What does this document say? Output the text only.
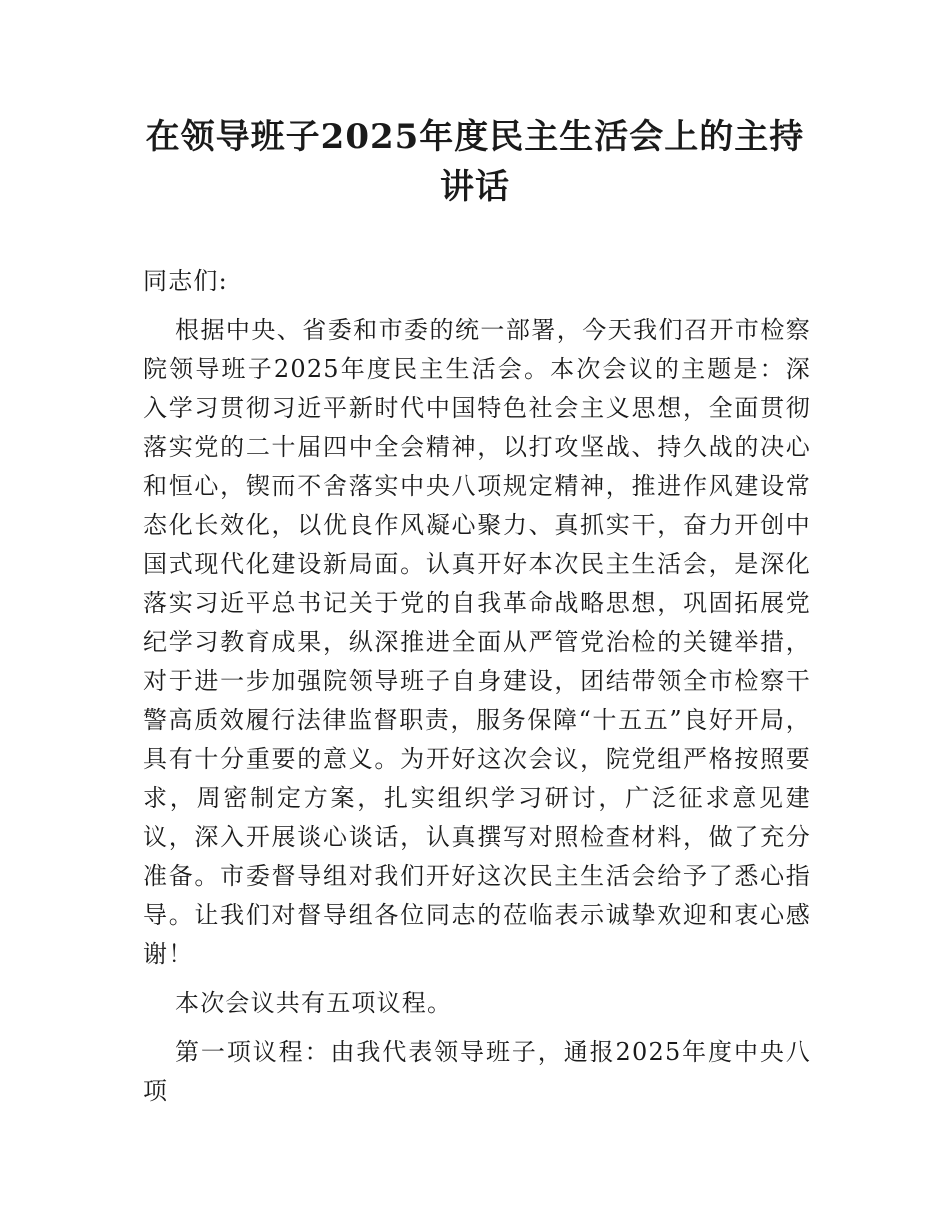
在领导班子2025年度民主生活会上的主持讲话

同志们:

根据中央、省委和市委的统一部署，今天我们召开市检察院领导班子2025年度民主生活会。本次会议的主题是：深入学习贯彻习近平新时代中国特色社会主义思想，全面贯彻落实党的二十届四中全会精神，以打攻坚战、持久战的决心和恒心，锲而不舍落实中央八项规定精神，推进作风建设常态化长效化，以优良作风凝心聚力、真抓实干，奋力开创中国式现代化建设新局面。认真开好本次民主生活会，是深化落实习近平总书记关于党的自我革命战略思想，巩固拓展党纪学习教育成果，纵深推进全面从严管党治检的关键举措，对于进一步加强院领导班子自身建设，团结带领全市检察干警高质效履行法律监督职责，服务保障“十五五”良好开局，具有十分重要的意义。为开好这次会议，院党组严格按照要求，周密制定方案，扎实组织学习研讨，广泛征求意见建议，深入开展谈心谈话，认真撰写对照检查材料，做了充分准备。市委督导组对我们开好这次民主生活会给予了悉心指导。让我们对督导组各位同志的莅临表示诚挚欢迎和衷心感谢！

本次会议共有五项议程。

第一项议程：由我代表领导班子，通报2025年度中央八项
